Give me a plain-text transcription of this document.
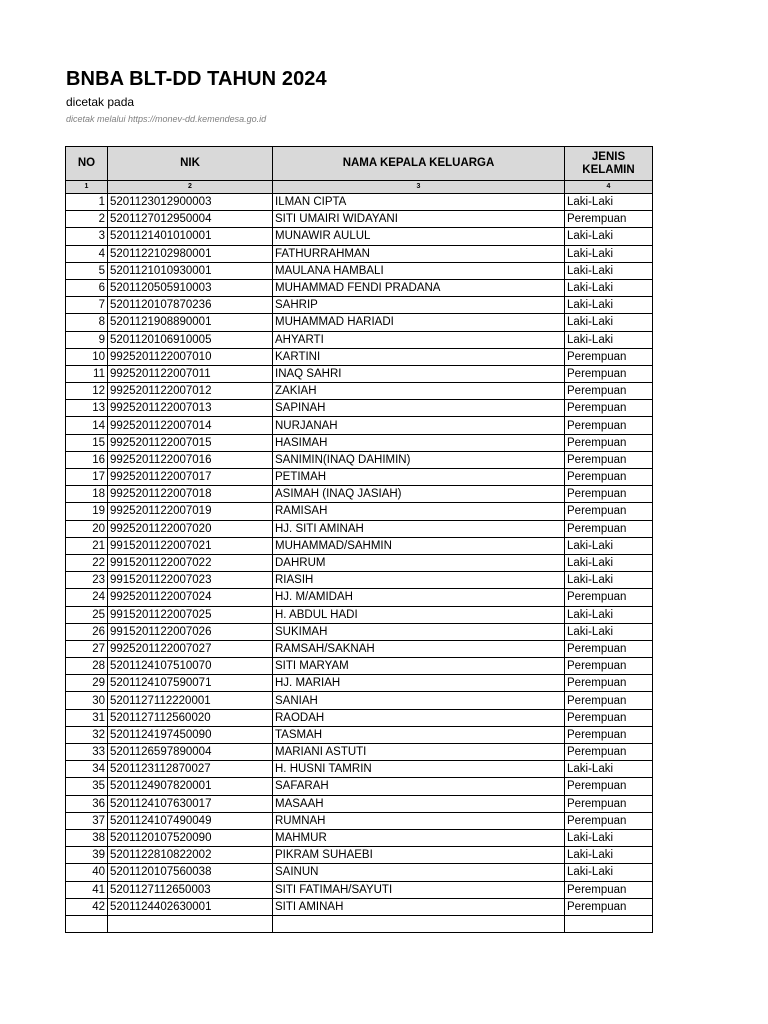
BNBA BLT-DD TAHUN 2024
dicetak pada
dicetak melalui https://monev-dd.kemendesa.go.id
NO	NIK	NAMA KEPALA KELUARGA	JENIS KELAMIN
1	2	3	4
1	5201123012900003	ILMAN CIPTA	Laki-Laki
2	5201127012950004	SITI UMAIRI WIDAYANI	Perempuan
3	5201121401010001	MUNAWIR AULUL	Laki-Laki
4	5201122102980001	FATHURRAHMAN	Laki-Laki
5	5201121010930001	MAULANA HAMBALI	Laki-Laki
6	5201120505910003	MUHAMMAD FENDI PRADANA	Laki-Laki
7	5201120107870236	SAHRIP	Laki-Laki
8	5201121908890001	MUHAMMAD HARIADI	Laki-Laki
9	5201120106910005	AHYARTI	Laki-Laki
10	9925201122007010	KARTINI	Perempuan
11	9925201122007011	INAQ SAHRI	Perempuan
12	9925201122007012	ZAKIAH	Perempuan
13	9925201122007013	SAPINAH	Perempuan
14	9925201122007014	NURJANAH	Perempuan
15	9925201122007015	HASIMAH	Perempuan
16	9925201122007016	SANIMIN(INAQ DAHIMIN)	Perempuan
17	9925201122007017	PETIMAH	Perempuan
18	9925201122007018	ASIMAH (INAQ JASIAH)	Perempuan
19	9925201122007019	RAMISAH	Perempuan
20	9925201122007020	HJ. SITI AMINAH	Perempuan
21	9915201122007021	MUHAMMAD/SAHMIN	Laki-Laki
22	9915201122007022	DAHRUM	Laki-Laki
23	9915201122007023	RIASIH	Laki-Laki
24	9925201122007024	HJ. M/AMIDAH	Perempuan
25	9915201122007025	H. ABDUL HADI	Laki-Laki
26	9915201122007026	SUKIMAH	Laki-Laki
27	9925201122007027	RAMSAH/SAKNAH	Perempuan
28	5201124107510070	SITI MARYAM	Perempuan
29	5201124107590071	HJ. MARIAH	Perempuan
30	5201127112220001	SANIAH	Perempuan
31	5201127112560020	RAODAH	Perempuan
32	5201124197450090	TASMAH	Perempuan
33	5201126597890004	MARIANI ASTUTI	Perempuan
34	5201123112870027	H. HUSNI TAMRIN	Laki-Laki
35	5201124907820001	SAFARAH	Perempuan
36	5201124107630017	MASAAH	Perempuan
37	5201124107490049	RUMNAH	Perempuan
38	5201120107520090	MAHMUR	Laki-Laki
39	5201122810822002	PIKRAM SUHAEBI	Laki-Laki
40	5201120107560038	SAINUN	Laki-Laki
41	5201127112650003	SITI FATIMAH/SAYUTI	Perempuan
42	5201124402630001	SITI AMINAH	Perempuan
